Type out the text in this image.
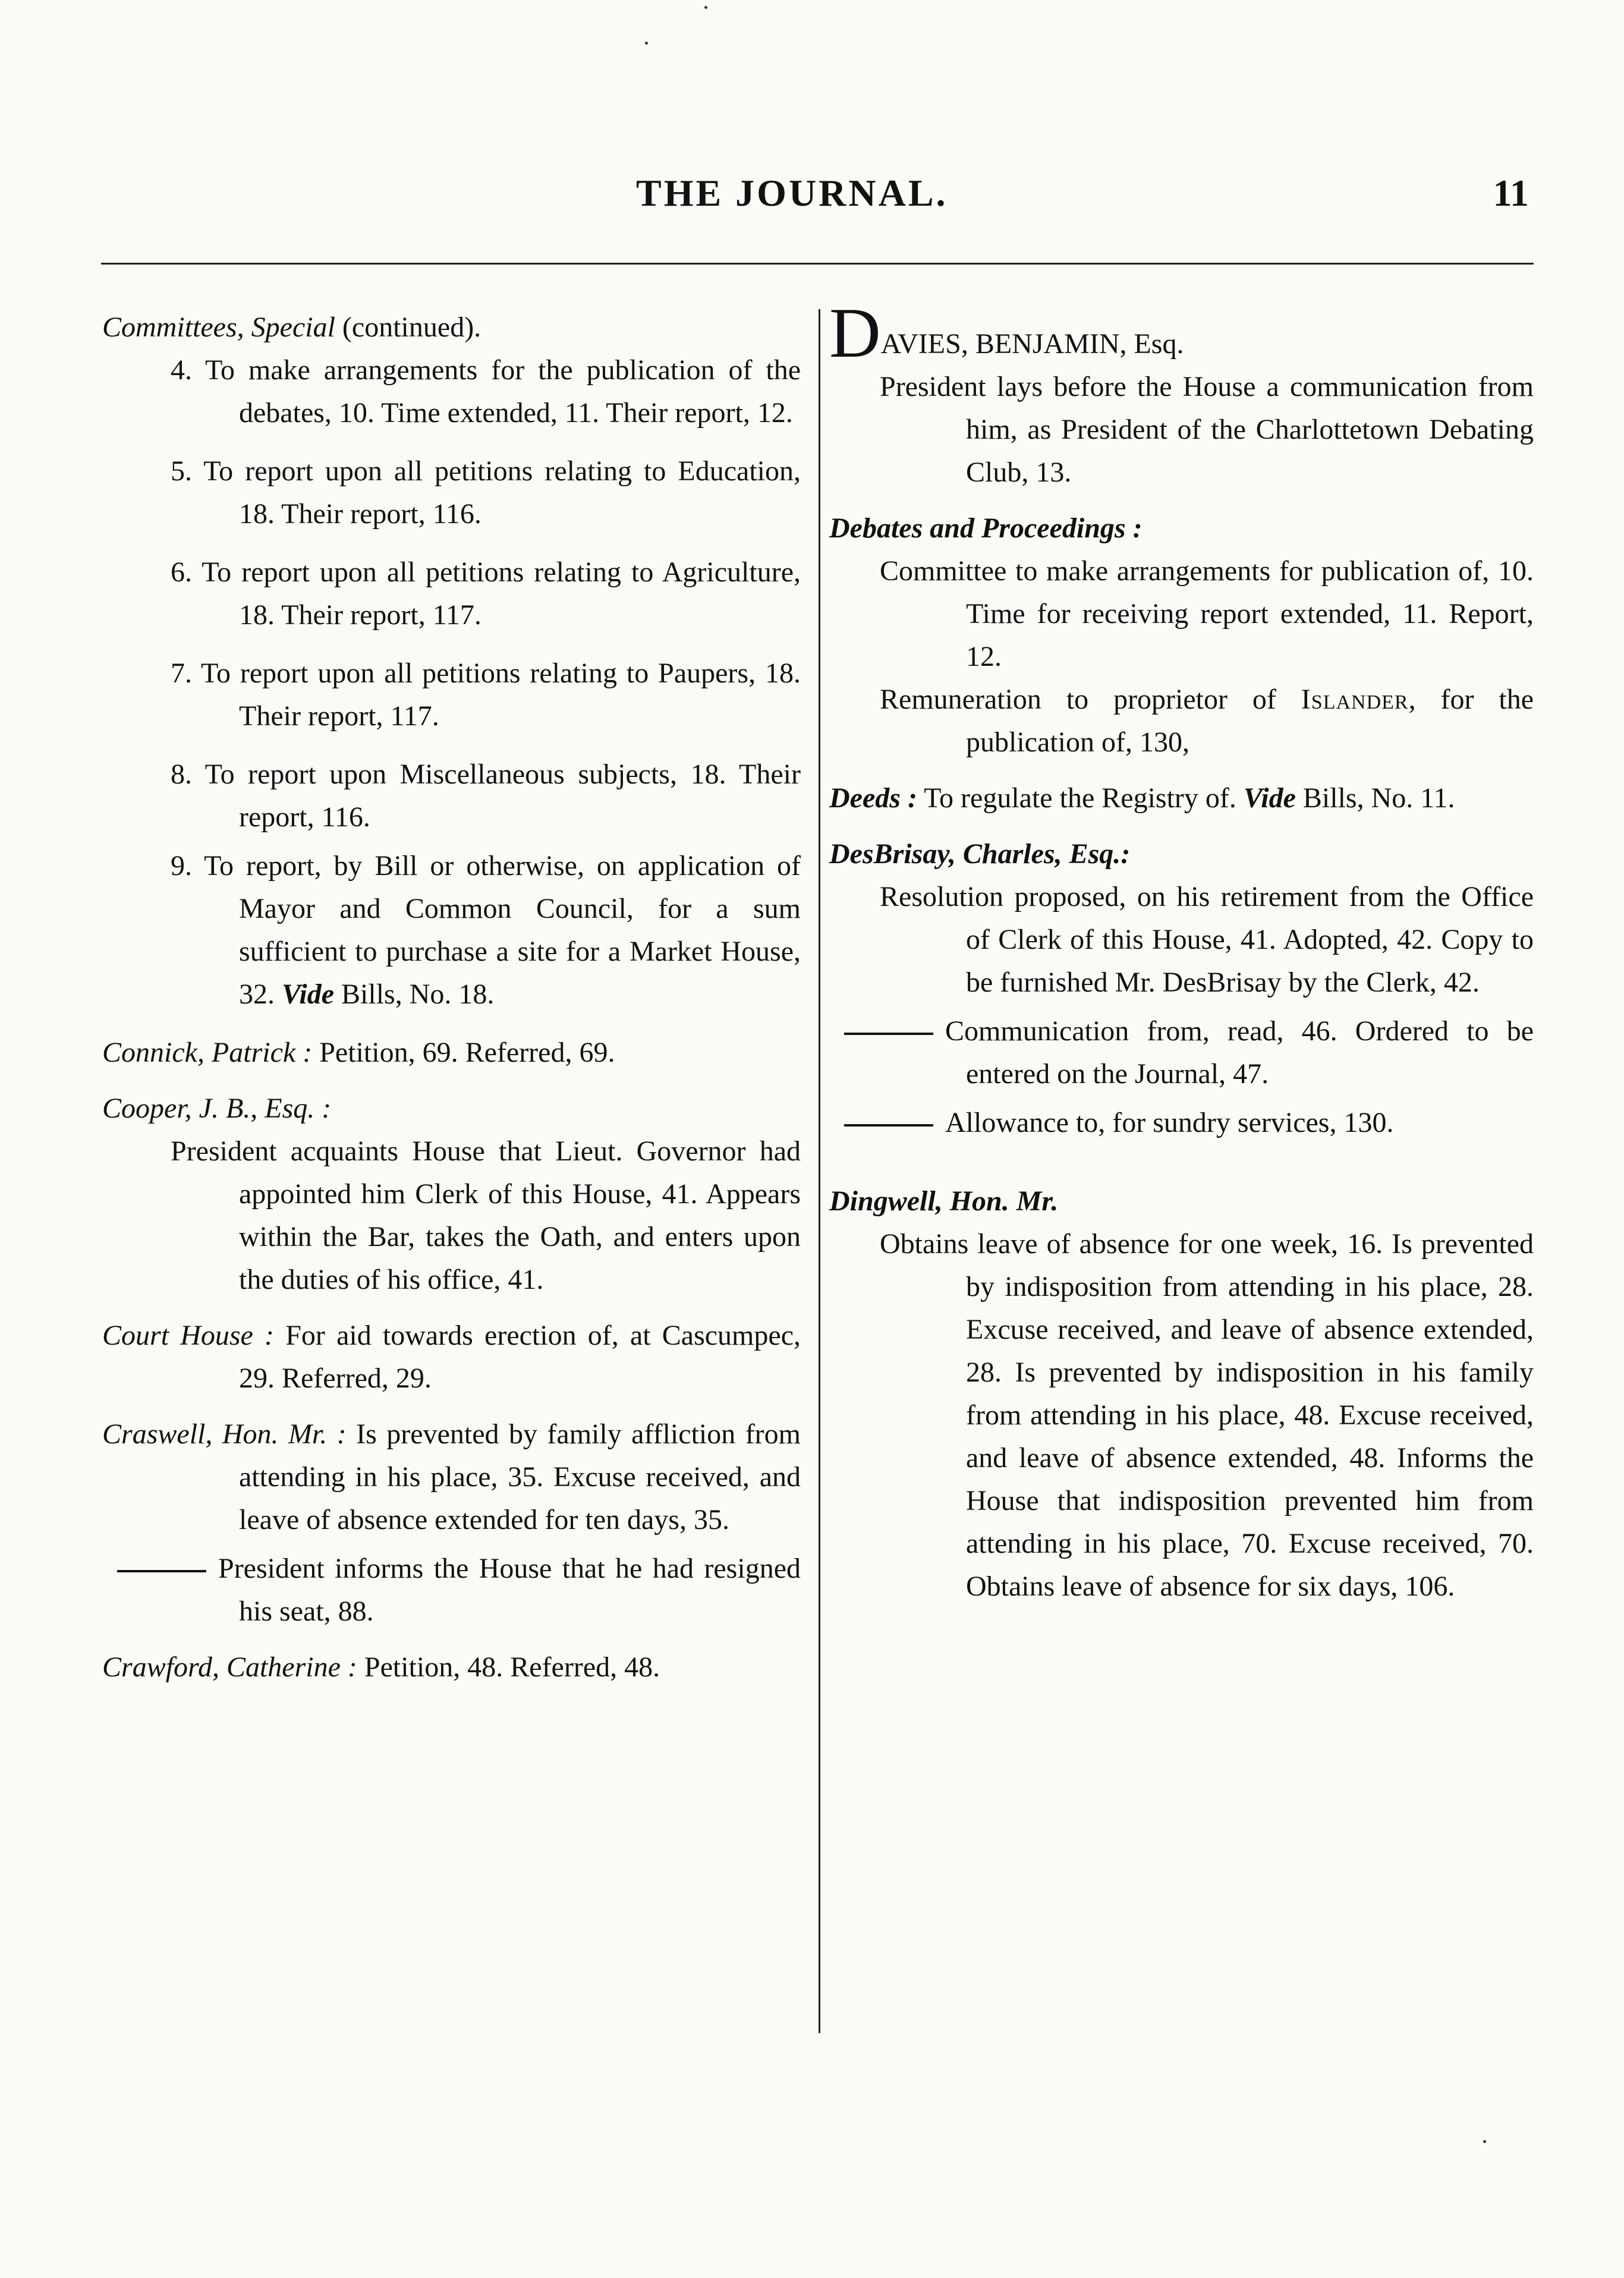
THE JOURNAL.	11
Committees, Special (continued).
4. To make arrangements for the publication of the debates, 10. Time extended, 11. Their report, 12.
5. To report upon all petitions relating to Education, 18. Their report, 116.
6. To report upon all petitions relating to Agriculture, 18. Their report, 117.
7. To report upon all petitions relating to Paupers, 18. Their report, 117.
8. To report upon Miscellaneous subjects, 18. Their report, 116.
9. To report, by Bill or otherwise, on application of Mayor and Common Council, for a sum sufficient to purchase a site for a Market House, 32. Vide Bills, No. 18.
Connick, Patrick : Petition, 69. Referred, 69.
Cooper, J. B., Esq. :
President acquaints House that Lieut. Governor had appointed him Clerk of this House, 41. Appears within the Bar, takes the Oath, and enters upon the duties of his office, 41.
Court House : For aid towards erection of, at Cascumpec, 29. Referred, 29.
Craswell, Hon. Mr. : Is prevented by family affliction from attending in his place, 35. Excuse received, and leave of absence extended for ten days, 35.
President informs the House that he had resigned his seat, 88.
Crawford, Catherine : Petition, 48. Referred, 48.
DAVIES, BENJAMIN, Esq.
President lays before the House a communication from him, as President of the Charlottetown Debating Club, 13.
Debates and Proceedings :
Committee to make arrangements for publication of, 10. Time for receiving report extended, 11. Report, 12.
Remuneration to proprietor of Islander, for the publication of, 130,
Deeds : To regulate the Registry of. Vide Bills, No. 11.
DesBrisay, Charles, Esq.:
Resolution proposed, on his retirement from the Office of Clerk of this House, 41. Adopted, 42. Copy to be furnished Mr. DesBrisay by the Clerk, 42.
Communication from, read, 46. Ordered to be entered on the Journal, 47.
Allowance to, for sundry services, 130.
Dingwell, Hon. Mr.
Obtains leave of absence for one week, 16. Is prevented by indisposition from attending in his place, 28. Excuse received, and leave of absence extended, 28. Is prevented by indisposition in his family from attending in his place, 48. Excuse received, and leave of absence extended, 48. Informs the House that indisposition prevented him from attending in his place, 70. Excuse received, 70. Obtains leave of absence for six days, 106.
